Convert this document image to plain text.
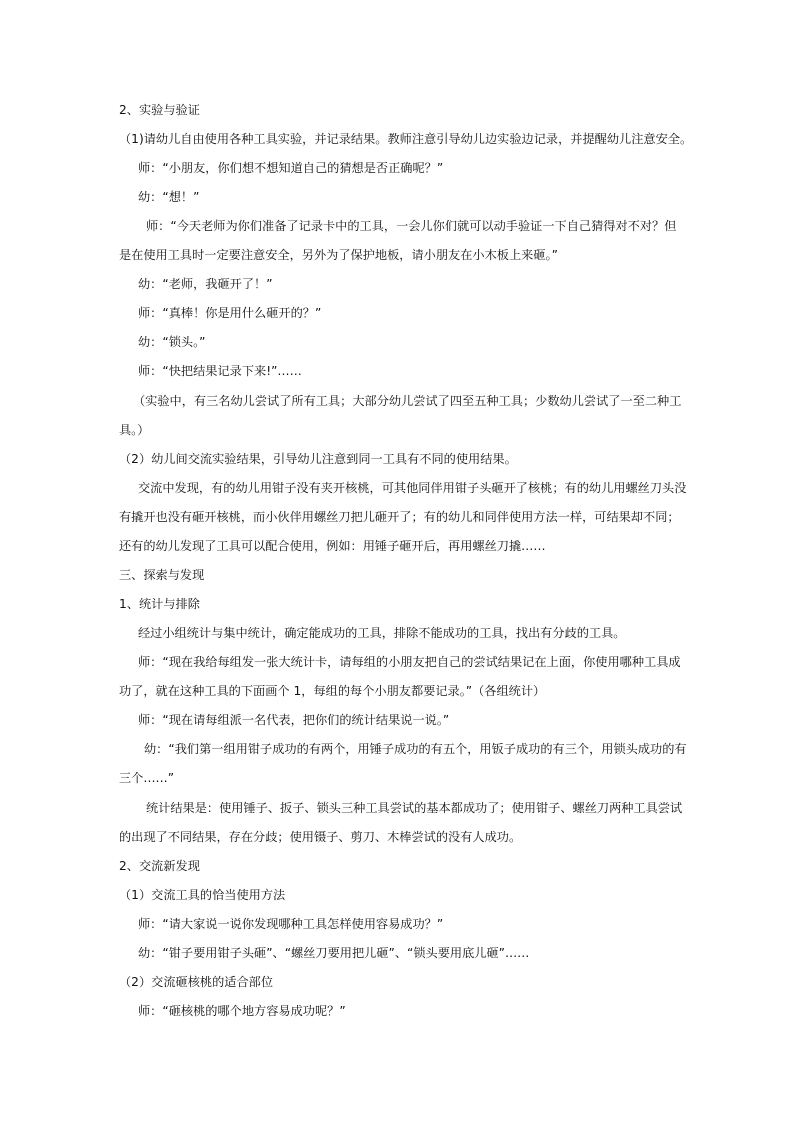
2、实验与验证
（1)请幼儿自由使用各种工具实验，并记录结果。教师注意引导幼儿边实验边记录，并提醒幼儿注意安全。
师：“小朋友，你们想不想知道自己的猜想是否正确呢？”
幼：“想！”
师：“今天老师为你们准备了记录卡中的工具，一会儿你们就可以动手验证一下自己猜得对不对？但
是在使用工具时一定要注意安全，另外为了保护地板，请小朋友在小木板上来砸。”
幼：“老师，我砸开了！”
师：“真棒！你是用什么砸开的？”
幼：“锁头。”
师：“快把结果记录下来!”……
（实验中，有三名幼儿尝试了所有工具；大部分幼儿尝试了四至五种工具；少数幼儿尝试了一至二种工
具。）
（2）幼儿间交流实验结果，引导幼儿注意到同一工具有不同的使用结果。
交流中发现，有的幼儿用钳子没有夹开核桃，可其他同伴用钳子头砸开了核桃；有的幼儿用螺丝刀头没
有撬开也没有砸开核桃，而小伙伴用螺丝刀把儿砸开了；有的幼儿和同伴使用方法一样，可结果却不同；
还有的幼儿发现了工具可以配合使用，例如：用锤子砸开后，再用螺丝刀撬……
三、探索与发现
1、统计与排除
经过小组统计与集中统计，确定能成功的工具，排除不能成功的工具，找出有分歧的工具。
师：“现在我给每组发一张大统计卡，请每组的小朋友把自己的尝试结果记在上面，你使用哪种工具成
功了，就在这种工具的下面画个 1，每组的每个小朋友都要记录。”（各组统计）
师：“现在请每组派一名代表，把你们的统计结果说一说。”
幼：“我们第一组用钳子成功的有两个，用锤子成功的有五个，用钣子成功的有三个，用锁头成功的有
三个……”
统计结果是：使用锤子、扳子、锁头三种工具尝试的基本都成功了；使用钳子、螺丝刀两种工具尝试
的出现了不同结果，存在分歧；使用镊子、剪刀、木棒尝试的没有人成功。
2、交流新发现
（1）交流工具的恰当使用方法
师：“请大家说一说你发现哪种工具怎样使用容易成功？”
幼：“钳子要用钳子头砸”、“螺丝刀要用把儿砸”、“锁头要用底儿砸”……
（2）交流砸核桃的适合部位
师：“砸核桃的哪个地方容易成功呢？”
